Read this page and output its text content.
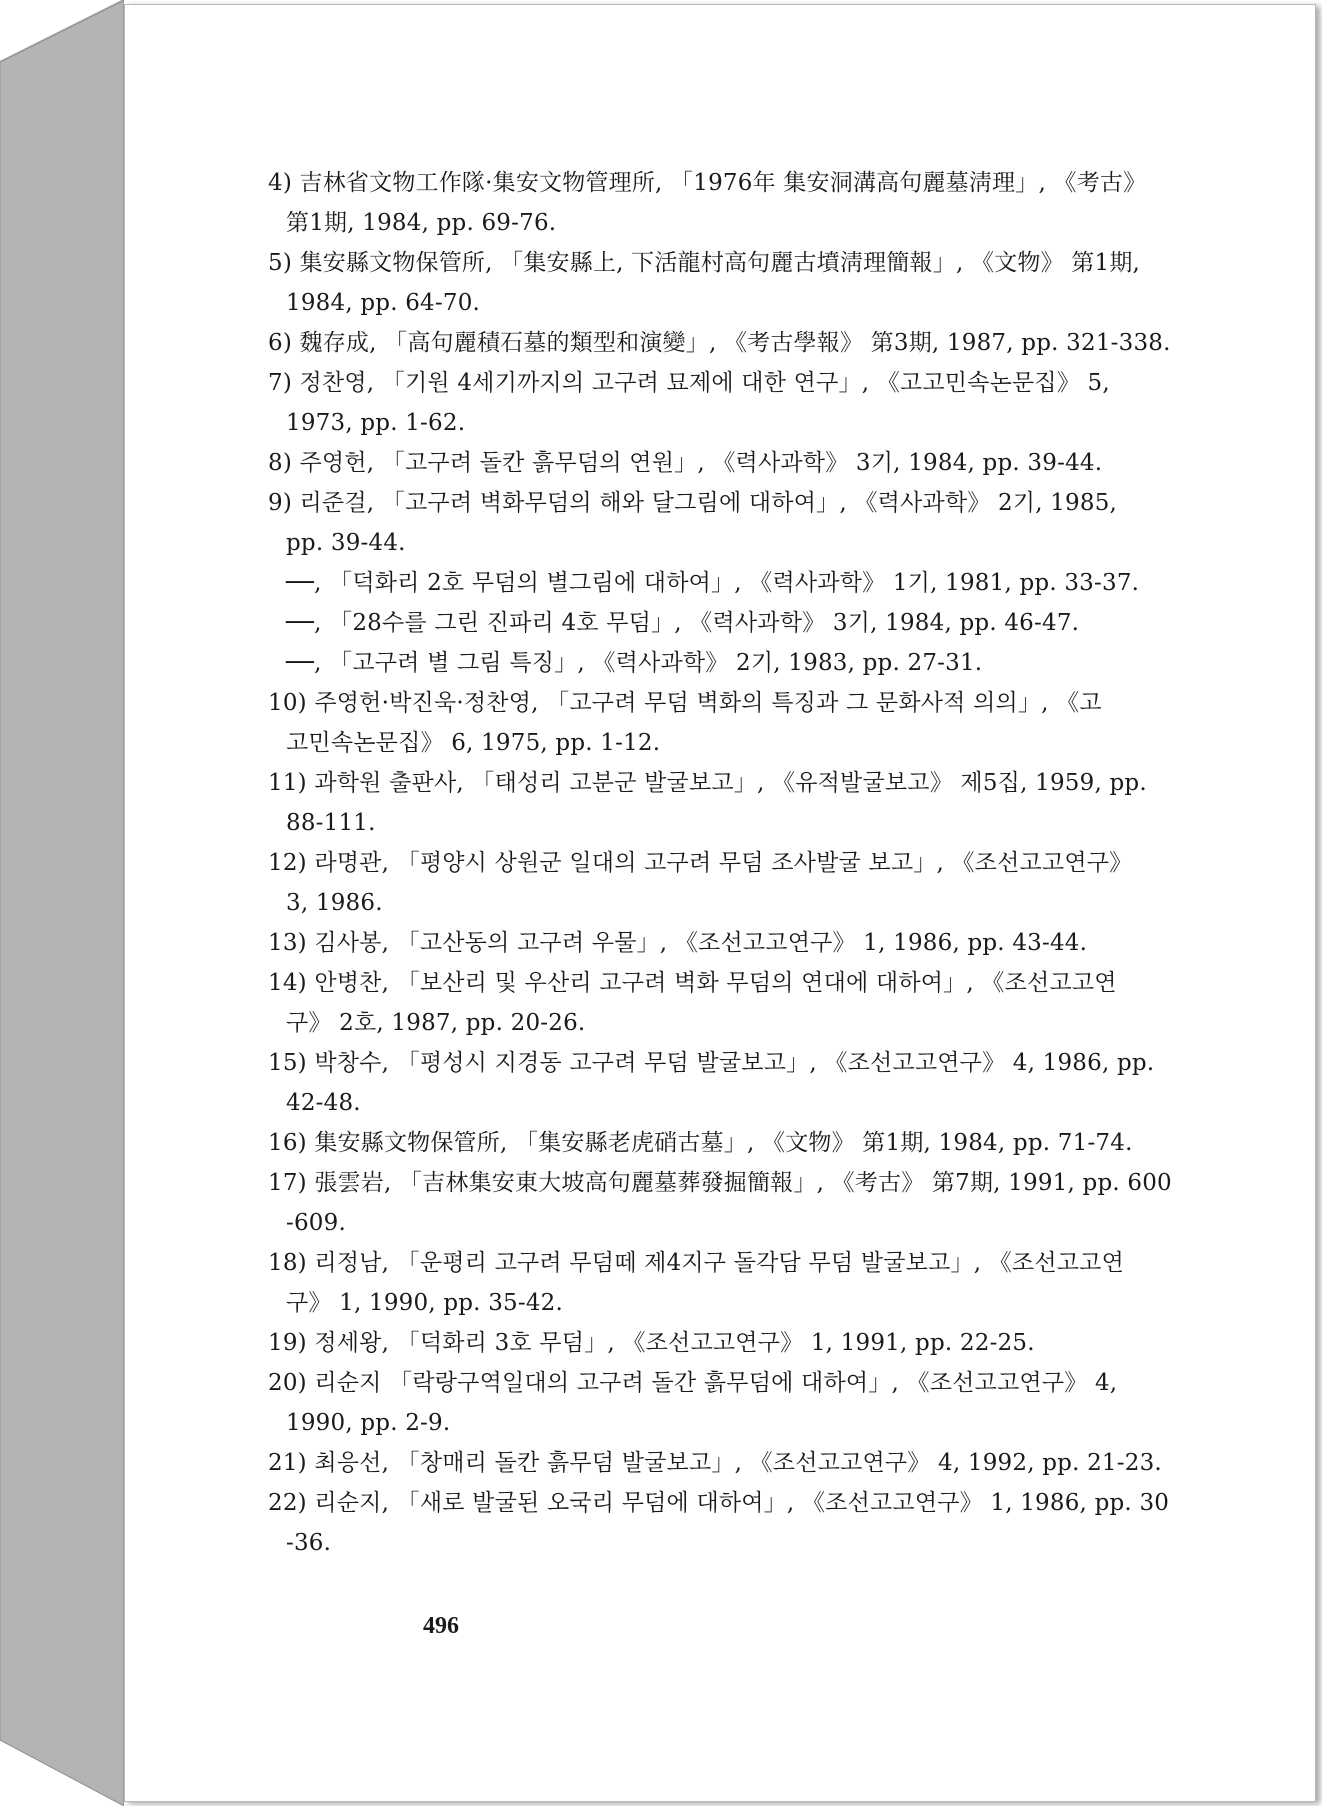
4) 吉林省文物工作隊·集安文物管理所, 「1976年 集安洞溝高句麗墓淸理」, 《考古》
第1期, 1984, pp. 69-76.
5) 集安縣文物保管所, 「集安縣上, 下活龍村高句麗古墳淸理簡報」, 《文物》 第1期,
1984, pp. 64-70.
6) 魏存成, 「高句麗積石墓的類型和演變」, 《考古學報》 第3期, 1987, pp. 321-338.
7) 정찬영, 「기원 4세기까지의 고구려 묘제에 대한 연구」, 《고고민속논문집》 5,
1973, pp. 1-62.
8) 주영헌, 「고구려 돌칸 흙무덤의 연원」, 《력사과학》 3기, 1984, pp. 39-44.
9) 리준걸, 「고구려 벽화무덤의 해와 달그림에 대하여」, 《력사과학》 2기, 1985,
pp. 39-44.
──, 「덕화리 2호 무덤의 별그림에 대하여」, 《력사과학》 1기, 1981, pp. 33-37.
──, 「28수를 그린 진파리 4호 무덤」, 《력사과학》 3기, 1984, pp. 46-47.
──, 「고구려 별 그림 특징」, 《력사과학》 2기, 1983, pp. 27-31.
10) 주영헌·박진욱·정찬영, 「고구려 무덤 벽화의 특징과 그 문화사적 의의」, 《고
고민속논문집》 6, 1975, pp. 1-12.
11) 과학원 출판사, 「태성리 고분군 발굴보고」, 《유적발굴보고》 제5집, 1959, pp.
88-111.
12) 라명관, 「평양시 상원군 일대의 고구려 무덤 조사발굴 보고」, 《조선고고연구》
3, 1986.
13) 김사봉, 「고산동의 고구려 우물」, 《조선고고연구》 1, 1986, pp. 43-44.
14) 안병찬, 「보산리 및 우산리 고구려 벽화 무덤의 연대에 대하여」, 《조선고고연
구》 2호, 1987, pp. 20-26.
15) 박창수, 「평성시 지경동 고구려 무덤 발굴보고」, 《조선고고연구》 4, 1986, pp.
42-48.
16) 集安縣文物保管所, 「集安縣老虎硝古墓」, 《文物》 第1期, 1984, pp. 71-74.
17) 張雲岩, 「吉林集安東大坡高句麗墓葬發掘簡報」, 《考古》 第7期, 1991, pp. 600
-609.
18) 리정남, 「운평리 고구려 무덤떼 제4지구 돌각담 무덤 발굴보고」, 《조선고고연
구》 1, 1990, pp. 35-42.
19) 정세왕, 「덕화리 3호 무덤」, 《조선고고연구》 1, 1991, pp. 22-25.
20) 리순지 「락랑구역일대의 고구려 돌간 흙무덤에 대하여」, 《조선고고연구》 4,
1990, pp. 2-9.
21) 최응선, 「창매리 돌칸 흙무덤 발굴보고」, 《조선고고연구》 4, 1992, pp. 21-23.
22) 리순지, 「새로 발굴된 오국리 무덤에 대하여」, 《조선고고연구》 1, 1986, pp. 30
-36.
496
